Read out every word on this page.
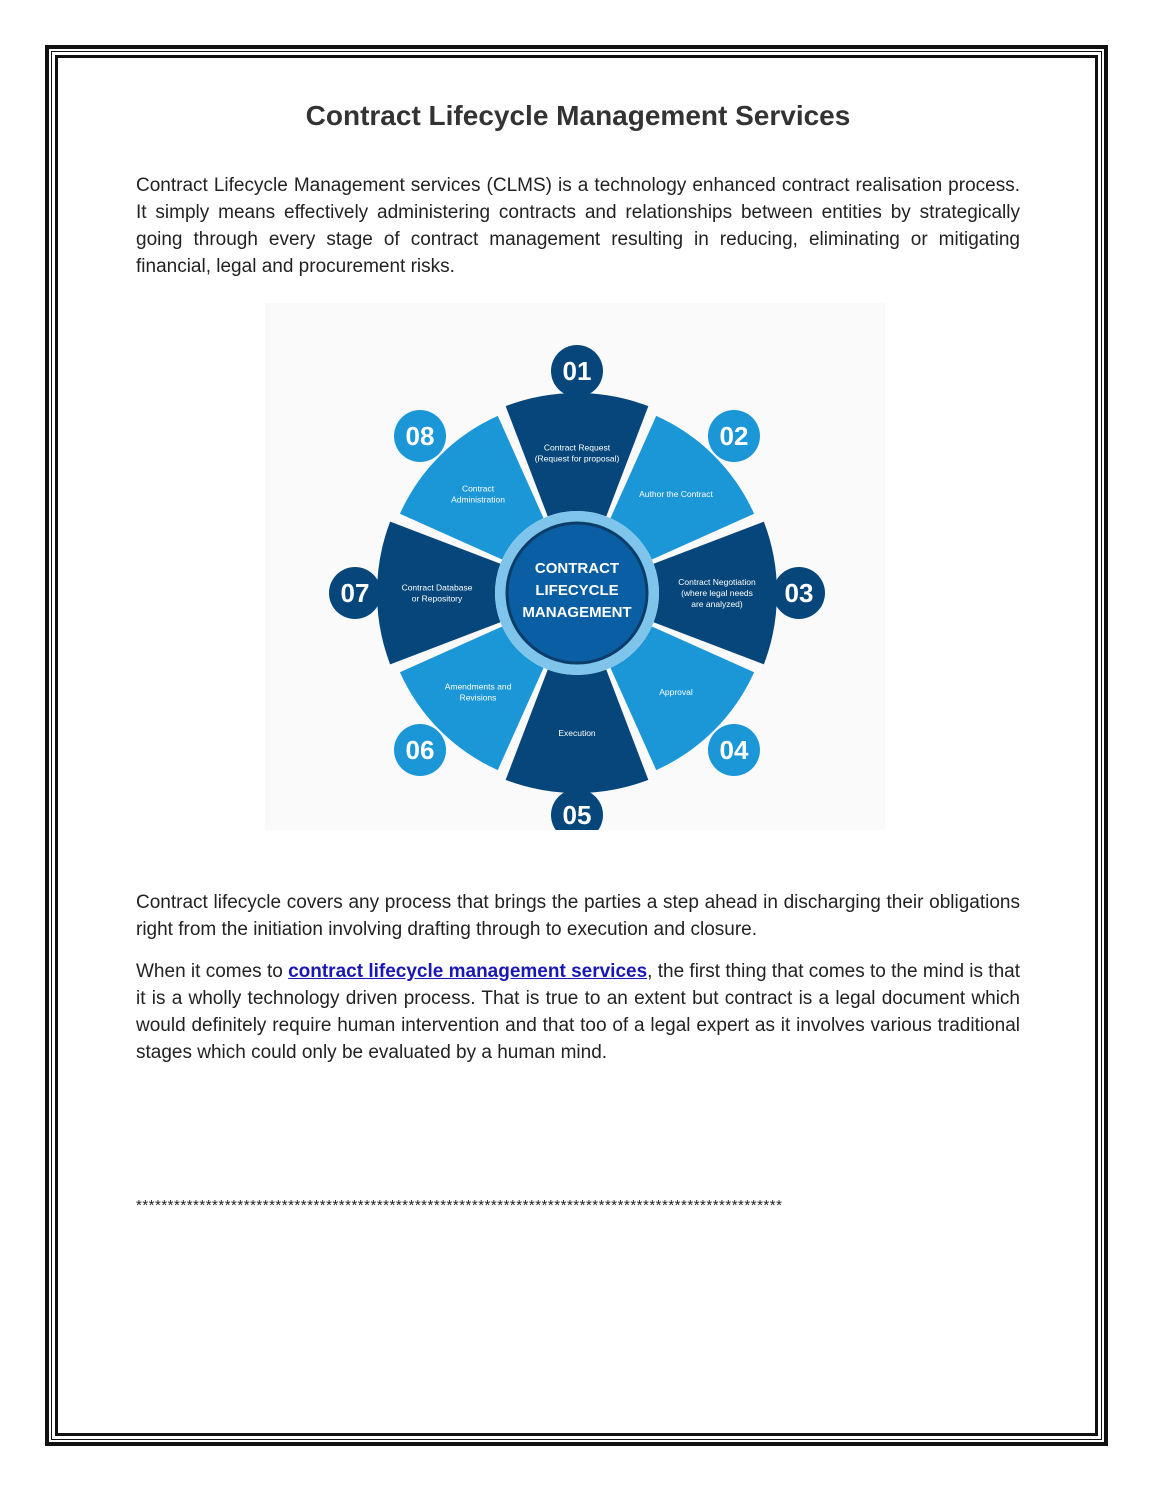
Contract Lifecycle Management Services

Contract Lifecycle Management services (CLMS) is a technology enhanced contract realisation process. It simply means effectively administering contracts and relationships between entities by strategically going through every stage of contract management resulting in reducing, eliminating or mitigating financial, legal and procurement risks.

01
Contract Request
(Request for proposal)
02
Author the Contract
03
Contract Negotiation
(where legal needs
are analyzed)
04
Approval
05
Execution
06
Amendments and
Revisions
07	Contract Database
or Repository
08
Contract
Administration
CONTRACT
LIFECYCLE
MANAGEMENT

Contract lifecycle covers any process that brings the parties a step ahead in discharging their obligations right from the initiation involving drafting through to execution and closure.

When it comes to contract lifecycle management services, the first thing that comes to the mind is that it is a wholly technology driven process. That is true to an extent but contract is a legal document which would definitely require human intervention and that too of a legal expert as it involves various traditional stages which could only be evaluated by a human mind.

******************************************************************************************************
